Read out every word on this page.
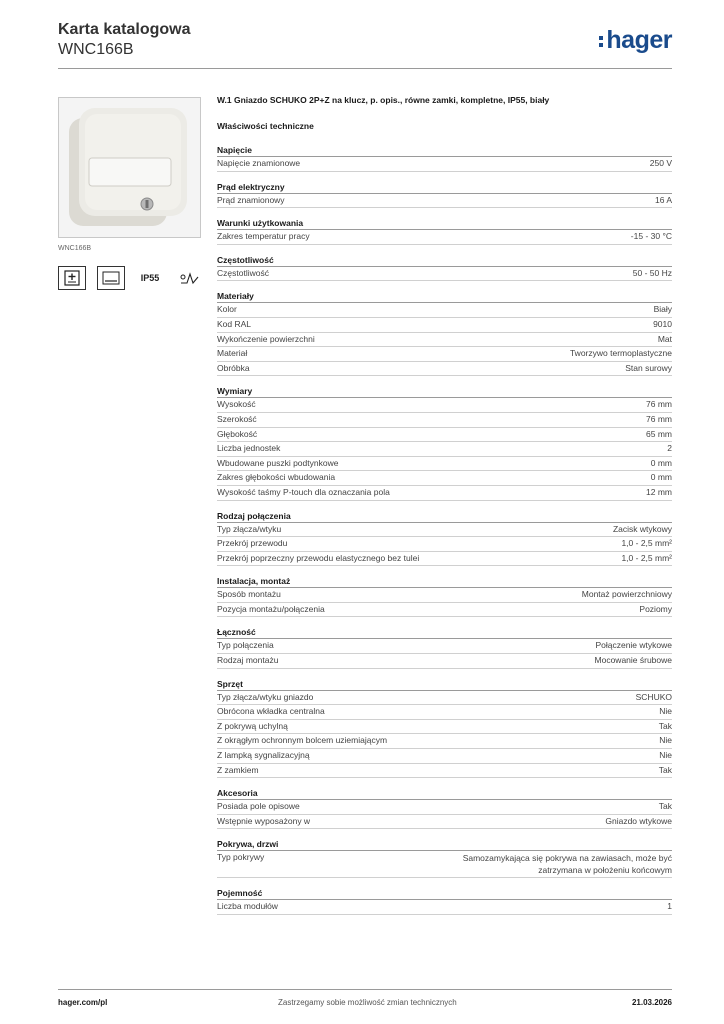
Karta katalogowa
WNC166B	hager
WNC166B
IP55
W.1 Gniazdo SCHUKO 2P+Z na klucz, p. opis., równe zamki, kompletne, IP55, biały
Właściwości techniczne
Napięcie
Napięcie znamionowe	250 V
Prąd elektryczny
Prąd znamionowy	16 A
Warunki użytkowania
Zakres temperatur pracy	-15 - 30 °C
Częstotliwość
Częstotliwość	50 - 50 Hz
Materiały
Kolor	Biały
Kod RAL	9010
Wykończenie powierzchni	Mat
Materiał	Tworzywo termoplastyczne
Obróbka	Stan surowy
Wymiary
Wysokość	76 mm
Szerokość	76 mm
Głębokość	65 mm
Liczba jednostek	2
Wbudowane puszki podtynkowe	0 mm
Zakres głębokości wbudowania	0 mm
Wysokość taśmy P-touch dla oznaczania pola	12 mm
Rodzaj połączenia
Typ złącza/wtyku	Zacisk wtykowy
Przekrój przewodu	1,0 - 2,5 mm²
Przekrój poprzeczny przewodu elastycznego bez tulei	1,0 - 2,5 mm²
Instalacja, montaż
Sposób montażu	Montaż powierzchniowy
Pozycja montażu/połączenia	Poziomy
Łączność
Typ połączenia	Połączenie wtykowe
Rodzaj montażu	Mocowanie śrubowe
Sprzęt
Typ złącza/wtyku gniazdo	SCHUKO
Obrócona wkładka centralna	Nie
Z pokrywą uchylną	Tak
Z okrągłym ochronnym bolcem uziemiającym	Nie
Z lampką sygnalizacyjną	Nie
Z zamkiem	Tak
Akcesoria
Posiada pole opisowe	Tak
Wstępnie wyposażony w	Gniazdo wtykowe
Pokrywa, drzwi
Typ pokrywy	Samozamykająca się pokrywa na zawiasach, może być zatrzymana w położeniu końcowym
Pojemność
Liczba modułów	1
hager.com/pl	Zastrzegamy sobie możliwość zmian technicznych	21.03.2026
